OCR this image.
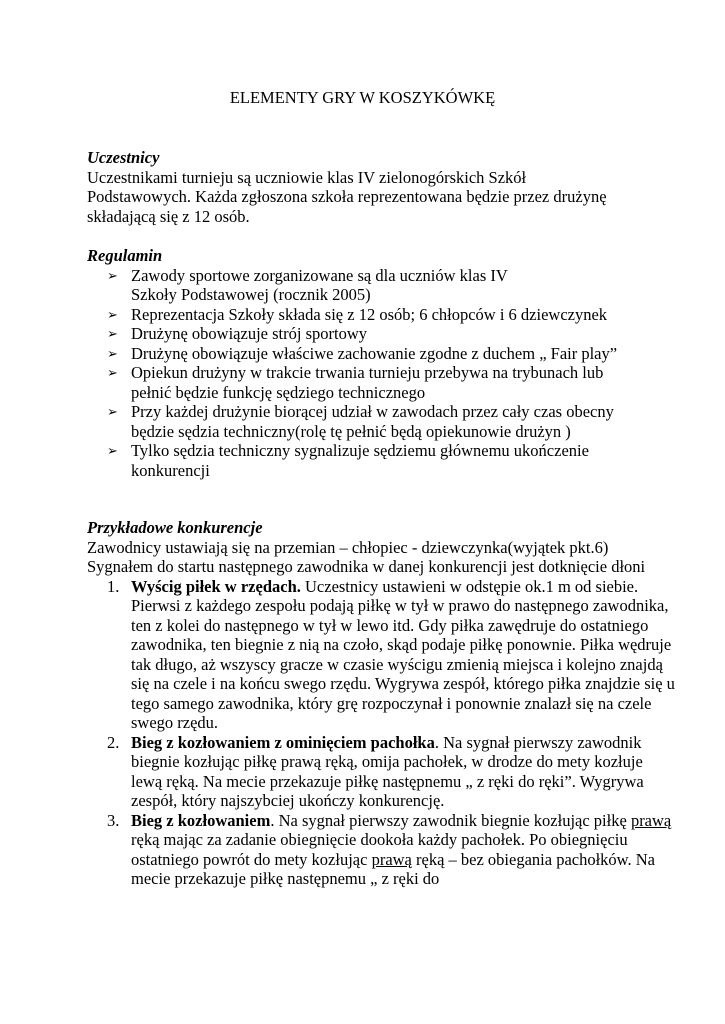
ELEMENTY GRY W KOSZYKÓWKĘ
Uczestnicy

Uczestnikami turnieju są uczniowie klas IV zielonogórskich Szkół Podstawowych. Każda zgłoszona szkoła reprezentowana będzie przez drużynę składającą się z 12 osób.

Regulamin
➢ Zawody sportowe zorganizowane są dla uczniów klas IV
Szkoły Podstawowej (rocznik 2005)
➢ Reprezentacja Szkoły składa się z 12 osób; 6 chłopców i 6 dziewczynek
➢ Drużynę obowiązuje strój sportowy
➢ Drużynę obowiązuje właściwe zachowanie zgodne z duchem „ Fair play”
➢ Opiekun drużyny w trakcie trwania turnieju przebywa na trybunach lub pełnić będzie funkcję sędziego technicznego
➢ Przy każdej drużynie biorącej udział w zawodach przez cały czas obecny będzie sędzia techniczny(rolę tę pełnić będą opiekunowie drużyn )
➢ Tylko sędzia techniczny sygnalizuje sędziemu głównemu ukończenie konkurencji
Przykładowe konkurencje

Zawodnicy ustawiają się na przemian – chłopiec - dziewczynka(wyjątek pkt.6)

Sygnałem do startu następnego zawodnika w danej konkurencji jest dotknięcie dłoni

1. Wyścig piłek w rzędach. Uczestnicy ustawieni w odstępie ok.1 m od siebie. Pierwsi z każdego zespołu podają piłkę w tył w prawo do następnego zawodnika, ten z kolei do następnego w tył w lewo itd. Gdy piłka zawędruje do ostatniego zawodnika, ten biegnie z nią na czoło, skąd podaje piłkę ponownie. Piłka wędruje tak długo, aż wszyscy gracze w czasie wyścigu zmienią miejsca i kolejno znajdą się na czele i na końcu swego rzędu. Wygrywa zespół, którego piłka znajdzie się u tego samego zawodnika, który grę rozpoczynał i ponownie znalazł się na czele swego rzędu.
2. Bieg z kozłowaniem z ominięciem pachołka. Na sygnał pierwszy zawodnik biegnie kozłując piłkę prawą ręką, omija pachołek, w drodze do mety kozłuje lewą ręką. Na mecie przekazuje piłkę następnemu „ z ręki do ręki”. Wygrywa zespół, który najszybciej ukończy konkurencję.
3. Bieg z kozłowaniem. Na sygnał pierwszy zawodnik biegnie kozłując piłkę prawą ręką mając za zadanie obiegnięcie dookoła każdy pachołek. Po obiegnięciu ostatniego powrót do mety kozłując prawą ręką – bez obiegania pachołków. Na mecie przekazuje piłkę następnemu „ z ręki do
